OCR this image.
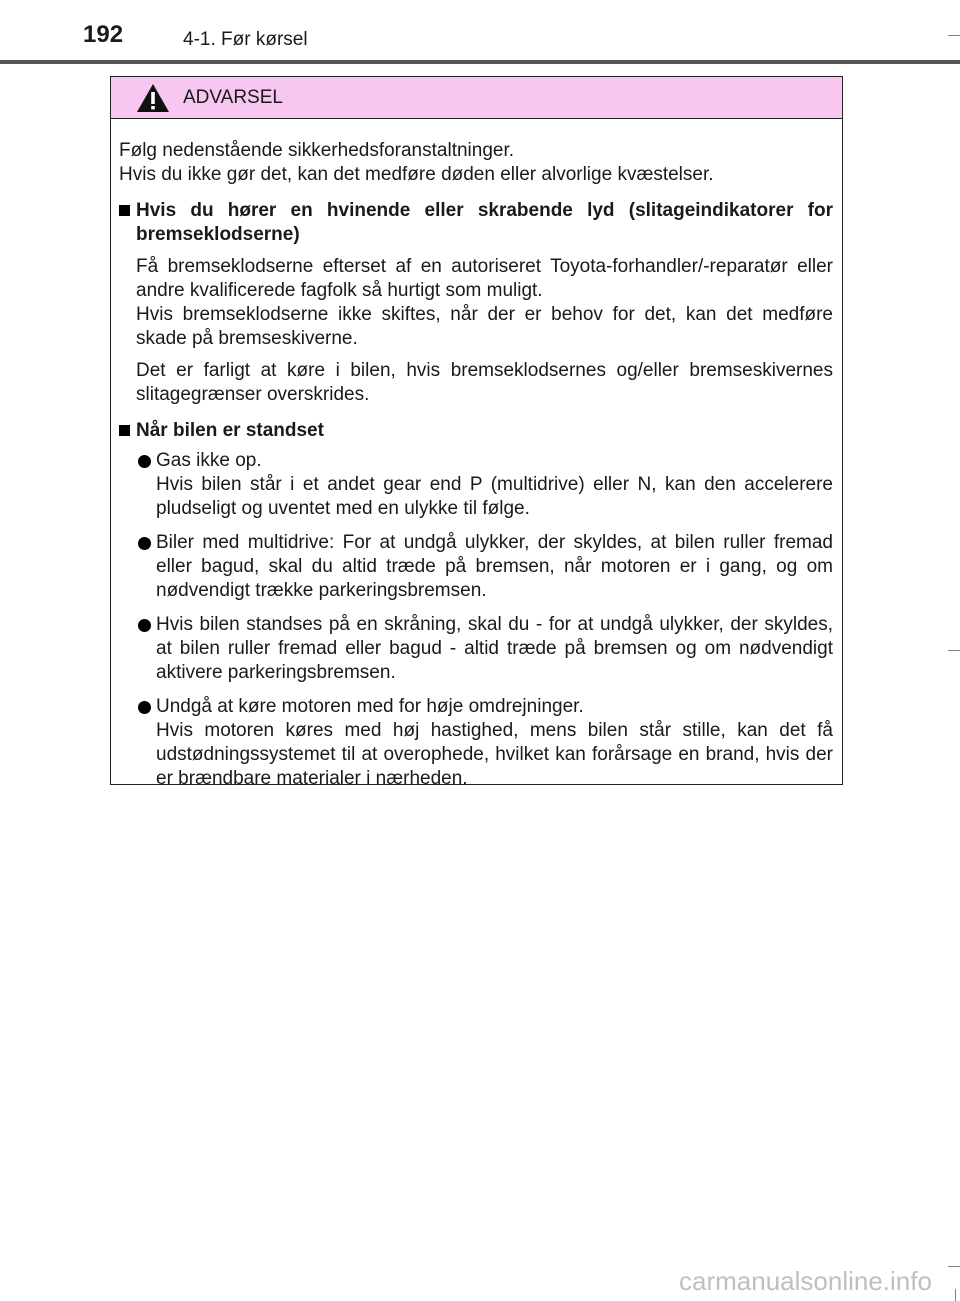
192	4-1. Før kørsel
ADVARSEL
Følg nedenstående sikkerhedsforanstaltninger.
Hvis du ikke gør det, kan det medføre døden eller alvorlige kvæstelser.
Hvis du hører en hvinende eller skrabende lyd (slitageindikatorer for bremseklodserne)
Få bremseklodserne efterset af en autoriseret Toyota-forhandler/-reparatør eller andre kvalificerede fagfolk så hurtigt som muligt.
Hvis bremseklodserne ikke skiftes, når der er behov for det, kan det medføre skade på bremseskiverne.
Det er farligt at køre i bilen, hvis bremseklodsernes og/eller bremseskivernes slitagegrænser overskrides.
Når bilen er standset
Gas ikke op.
Hvis bilen står i et andet gear end P (multidrive) eller N, kan den accelerere pludseligt og uventet med en ulykke til følge.
Biler med multidrive: For at undgå ulykker, der skyldes, at bilen ruller fremad eller bagud, skal du altid træde på bremsen, når motoren er i gang, og om nødvendigt trække parkeringsbremsen.
Hvis bilen standses på en skråning, skal du - for at undgå ulykker, der skyldes, at bilen ruller fremad eller bagud - altid træde på bremsen og om nødvendigt aktivere parkeringsbremsen.
Undgå at køre motoren med for høje omdrejninger.
Hvis motoren køres med høj hastighed, mens bilen står stille, kan det få udstødningssystemet til at overophede, hvilket kan forårsage en brand, hvis der er brændbare materialer i nærheden.
carmanualsonline.info
